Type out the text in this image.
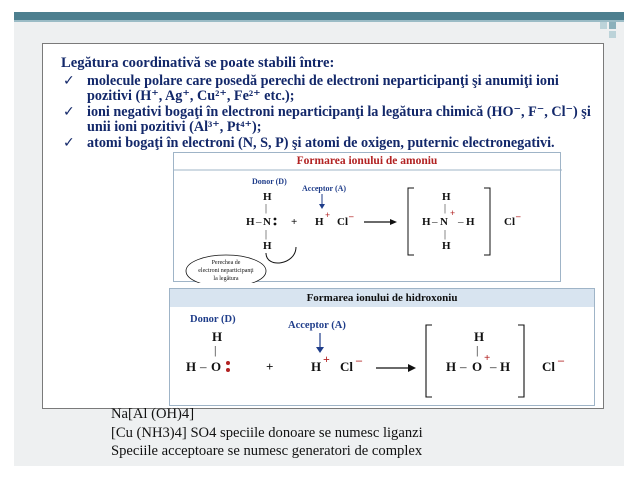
Legătura coordinativă se poate stabili între:
✓ molecule polare care posedă perechi de electroni neparticipanţi şi anumiţi ioni pozitivi (H⁺, Ag⁺, Cu²⁺, Fe²⁺ etc.);
✓ ioni negativi bogaţi în electroni neparticipanţi la legătura chimică (HO⁻, F⁻, Cl⁻) şi unii ioni pozitivi (Al³⁺, Pt⁴⁺);
✓ atomi bogaţi în electroni (N, S, P) şi atomi de oxigen, puternic electronegativi.
Formarea ionului de amoniu
Donor (D)
Acceptor (A)
H
|
H – N
|
H
+ H
+
Cl –
Perechea de
electroni neparticipanţi
la legătura
H
|
H – N
+
– H
|
H
Cl –
Formarea ionului de hidroxoniu
Donor (D)
Acceptor (A)
H
|
H – O	+	H + Cl –
H
|
H – O
+
– H Cl –
Na[Al (OH)4]
[Cu (NH3)4] SO4 speciile donoare se numesc liganzi
Speciile acceptoare se numesc generatori de complex
